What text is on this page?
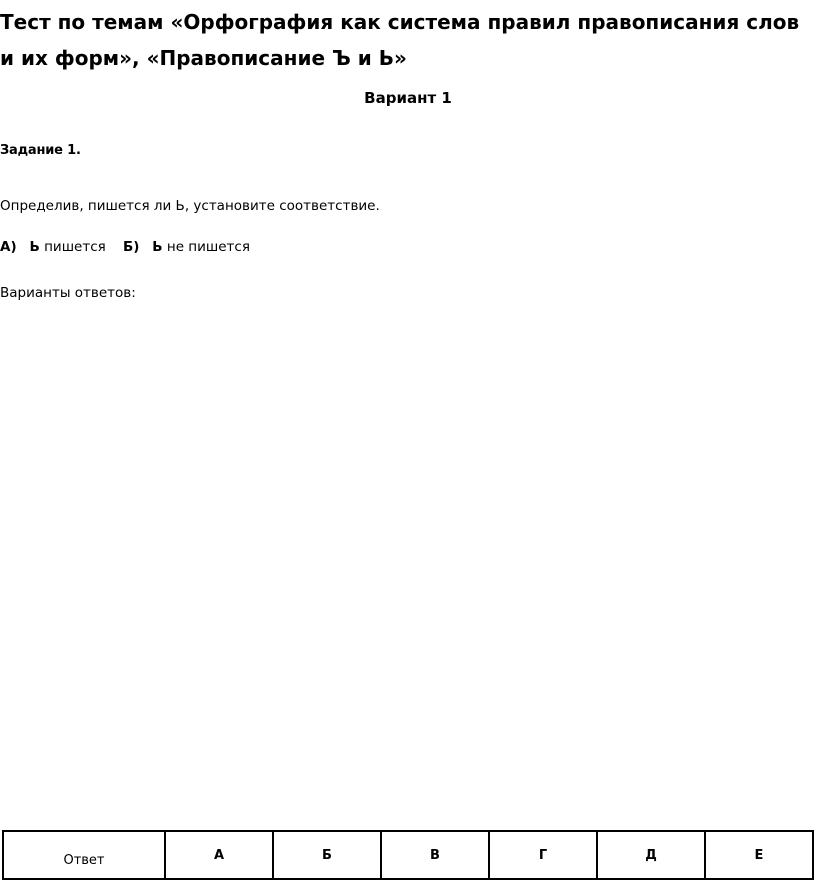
Тест по темам «Орфография как система правил правописания слов и их форм», «Правописание Ъ и Ь»
Вариант 1
Задание 1.
Определив, пишется ли Ь, установите соответствие.
А) Ь пишется Б) Ь не пишется
Варианты ответов:
Ответ	А	Б	В	Г	Д	Е
